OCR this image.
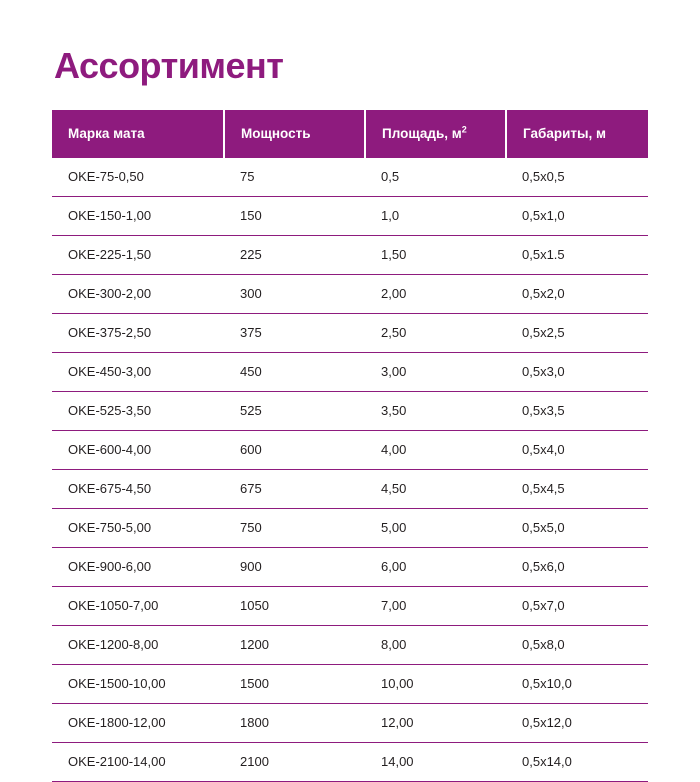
Ассортимент
Марка мата	Мощность	Площадь, $м^2$	Габариты, м
OKE-75-0,50	75	0,5	0,5x0,5
OKE-150-1,00	150	1,0	0,5x1,0
OKE-225-1,50	225	1,50	0,5x1.5
OKE-300-2,00	300	2,00	0,5x2,0
OKE-375-2,50	375	2,50	0,5x2,5
OKE-450-3,00	450	3,00	0,5x3,0
OKE-525-3,50	525	3,50	0,5x3,5
OKE-600-4,00	600	4,00	0,5x4,0
OKE-675-4,50	675	4,50	0,5x4,5
OKE-750-5,00	750	5,00	0,5x5,0
OKE-900-6,00	900	6,00	0,5x6,0
OKE-1050-7,00	1050	7,00	0,5x7,0
OKE-1200-8,00	1200	8,00	0,5x8,0
OKE-1500-10,00	1500	10,00	0,5x10,0
OKE-1800-12,00	1800	12,00	0,5x12,0
OKE-2100-14,00	2100	14,00	0,5x14,0
